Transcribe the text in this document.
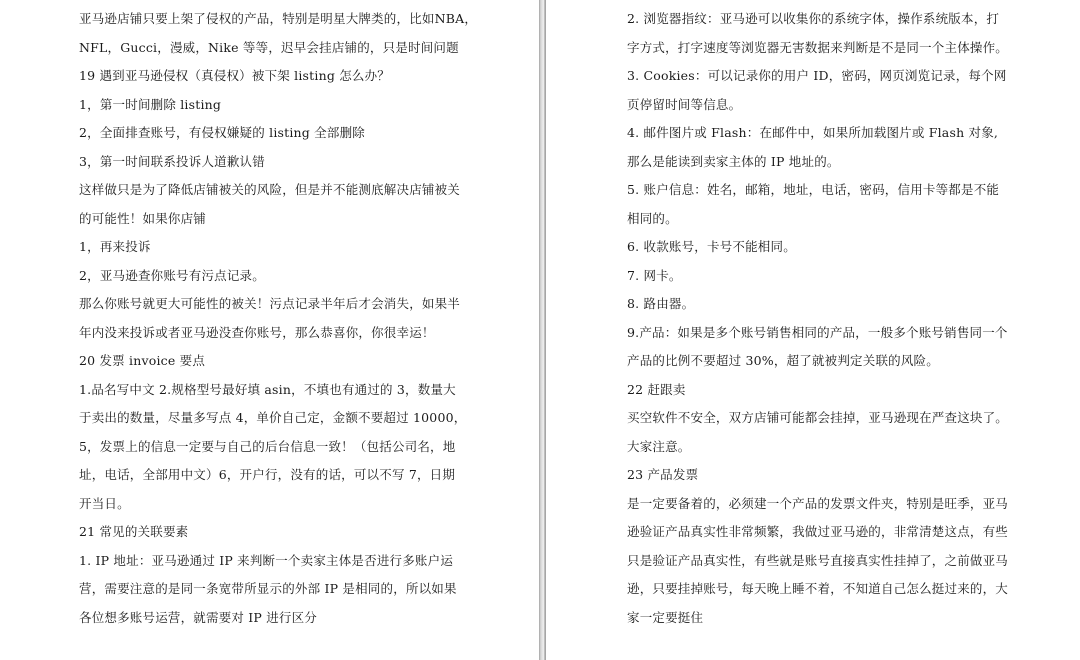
亚马逊店铺只要上架了侵权的产品，特别是明星大牌类的，比如NBA，
NFL，Gucci，漫威，Nike 等等，迟早会挂店铺的，只是时间问题
19 遇到亚马逊侵权（真侵权）被下架 listing 怎么办？
1，第一时间删除 listing
2，全面排查账号，有侵权嫌疑的 listing 全部删除
3，第一时间联系投诉人道歉认错
这样做只是为了降低店铺被关的风险，但是并不能测底解决店铺被关
的可能性！如果你店铺
1，再来投诉
2，亚马逊查你账号有污点记录。
那么你账号就更大可能性的被关！污点记录半年后才会消失，如果半
年内没来投诉或者亚马逊没查你账号，那么恭喜你，你很幸运！
20 发票 invoice 要点
1.品名写中文 2.规格型号最好填 asin，不填也有通过的 3，数量大
于卖出的数量，尽量多写点 4，单价自己定，金额不要超过 10000，
5，发票上的信息一定要与自己的后台信息一致！（包括公司名，地
址，电话，全部用中文）6，开户行，没有的话，可以不写 7，日期
开当日。
21 常见的关联要素
1. IP 地址：亚马逊通过 IP 来判断一个卖家主体是否进行多账户运
营，需要注意的是同一条宽带所显示的外部 IP 是相同的，所以如果
各位想多账号运营，就需要对 IP 进行区分
2. 浏览器指纹：亚马逊可以收集你的系统字体，操作系统版本，打
字方式，打字速度等浏览器无害数据来判断是不是同一个主体操作。
3. Cookies：可以记录你的用户 ID，密码，网页浏览记录，每个网
页停留时间等信息。
4. 邮件图片或 Flash：在邮件中，如果所加载图片或 Flash 对象,
那么是能读到卖家主体的 IP 地址的。
5. 账户信息：姓名，邮箱，地址，电话，密码，信用卡等都是不能
相同的。
6. 收款账号，卡号不能相同。
7. 网卡。
8. 路由器。
9.产品：如果是多个账号销售相同的产品，一般多个账号销售同一个
产品的比例不要超过 30%，超了就被判定关联的风险。
22 赶跟卖
买空软件不安全，双方店铺可能都会挂掉，亚马逊现在严查这块了。
大家注意。
23 产品发票
是一定要备着的，必须建一个产品的发票文件夹，特别是旺季，亚马
逊验证产品真实性非常频繁，我做过亚马逊的，非常清楚这点，有些
只是验证产品真实性，有些就是账号直接真实性挂掉了，之前做亚马
逊，只要挂掉账号，每天晚上睡不着，不知道自己怎么挺过来的，大
家一定要挺住
